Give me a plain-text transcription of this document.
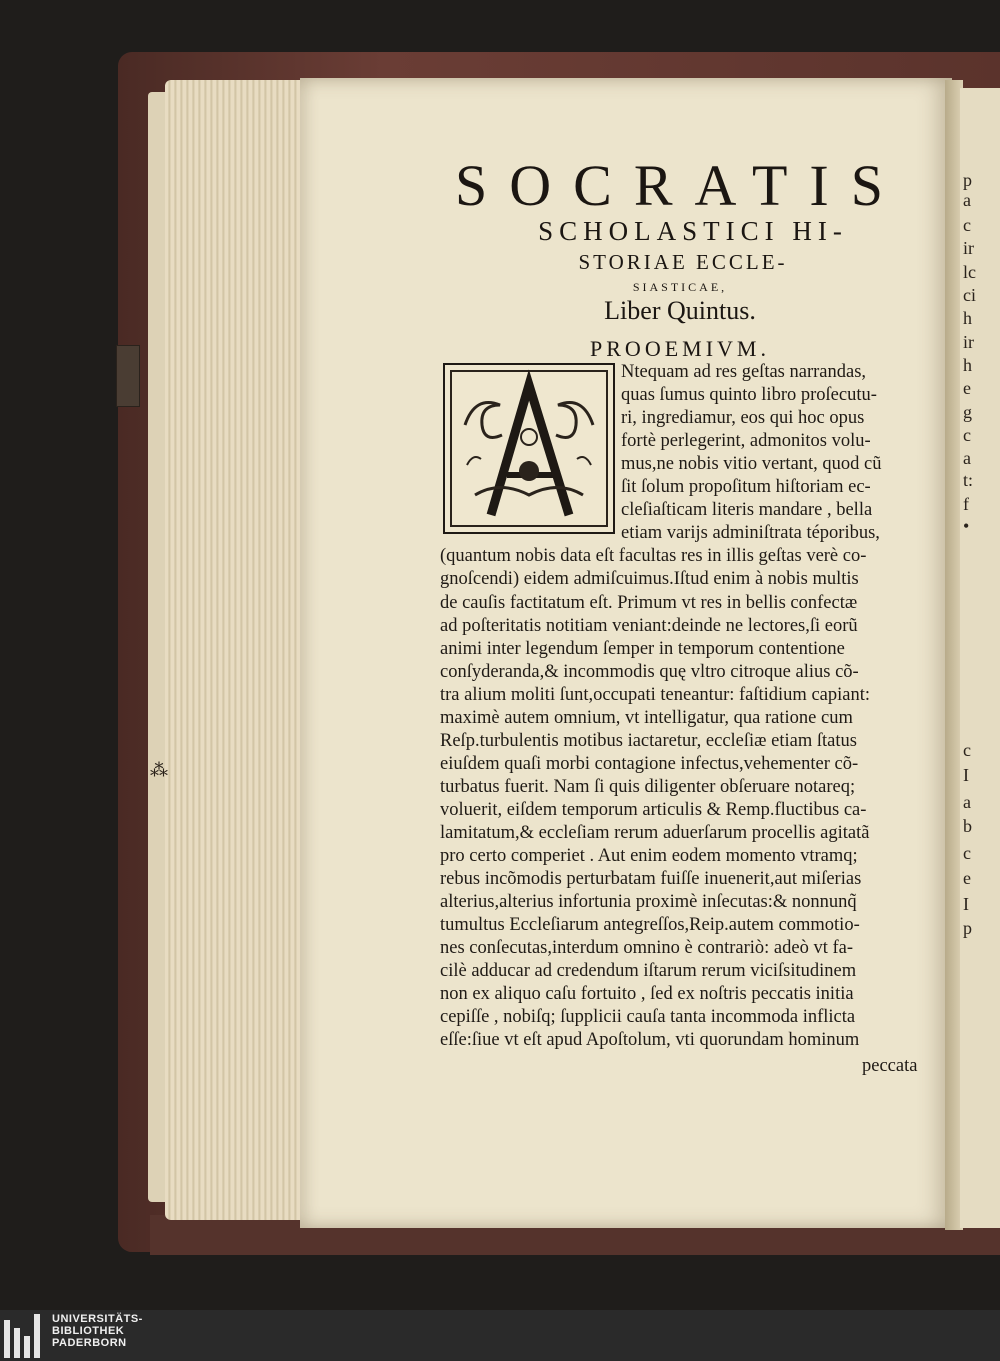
p
a
c
ir
lc
ci
h
ir
h
e
g
c
a
t:
f
•
c
I
a
b
c
e
I
p
⁂
SOCRATIS
SCHOLASTICI HI-
STORIAE ECCLE-
SIASTICAE,
Liber Quintus.
PROOEMIVM.
Ntequam ad res geſtas narrandas,
quas ſumus quinto libro proſecutu-
ri, ingrediamur, eos qui hoc opus
fortè perlegerint, admonitos volu-
mus,ne nobis vitio vertant, quod cũ
ſit ſolum propoſitum hiſtoriam ec-
cleſiaſticam literis mandare , bella
etiam varijs adminiſtrata téporibus,
(quantum nobis data eſt facultas res in illis geſtas verè co-
gnoſcendi) eidem admiſcuimus.Iſtud enim à nobis multis
de cauſis factitatum eſt. Primum vt res in bellis confectæ
ad poſteritatis notitiam veniant:deinde ne lectores,ſi eorũ
animi inter legendum ſemper in temporum contentione
conſyderanda,& incommodis quę vltro citroque alius cõ-
tra alium moliti ſunt,occupati teneantur: faſtidium capiant:
maximè autem omnium, vt intelligatur, qua ratione cum
Reſp.turbulentis motibus iactaretur, eccleſiæ etiam ſtatus
eiuſdem quaſi morbi contagione infectus,vehementer cõ-
turbatus fuerit. Nam ſi quis diligenter obſeruare notareq;
voluerit, eiſdem temporum articulis & Remp.fluctibus ca-
lamitatum,& eccleſiam rerum aduerſarum procellis agitatã
pro certo comperiet . Aut enim eodem momento vtramq;
rebus incõmodis perturbatam fuiſſe inuenerit,aut miſerias
alterius,alterius infortunia proximè inſecutas:& nonnunq̃
tumultus Eccleſiarum antegreſſos,Reip.autem commotio-
nes conſecutas,interdum omnino è contrariò: adeò vt fa-
cilè adducar ad credendum iſtarum rerum viciſsitudinem
non ex aliquo caſu fortuito , ſed ex noſtris peccatis initia
cepiſſe , nobiſq; ſupplicii cauſa tanta incommoda inflicta
eſſe:ſiue vt eſt apud Apoſtolum, vti quorundam hominum
peccata
UNIVERSITÄTS-
BIBLIOTHEK
PADERBORN
